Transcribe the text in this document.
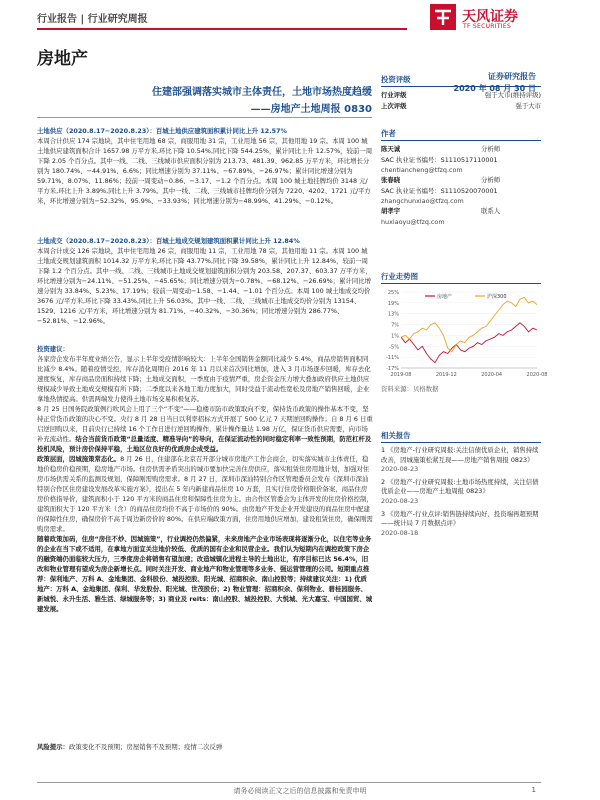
行业报告 | 行业研究周报	天风证券
TF SECURITIES
房地产
证券研究报告
2020 年 08 月 30 日
住建部强调落实城市主体责任，土地市场热度趋缓
——房地产土地周报 0830

土地供应（2020.8.17−2020.8.23）：百城土地供应建筑面积累计同比上升 12.57%

本周合计供应 174 宗地块，其中住宅用地 68 宗，商服用地 31 宗，工业用地 56 宗，其他用地 19 宗。本周 100 城土地供应建筑面积合计 1657.98 万平方米,环比下降 10.54%,同比下降 544.25%，累计同比上升 12.57%，较前一周下降 2.05 个百分点。其中一线、二线、三线城市供应面积分别为 213.73、481.39、962.85 万平方米，环比增长分别为 180.74%、−44.91%、6.6%；同比增速分别为 37.11%、−67.89%、−26.97%；累计同比增速分别为 59.71%、8.07%、11.86%；较前一周变动−0.86、−3.17、−1.2 个百分点。本周 100 城土地挂牌均价 3148 元/平方米,环比上升 3.89%,同比上升 3.79%。其中一线、二线、三线城市挂牌均价分别为 7220、4202、1721 元/平方米，环比增速分别为−52.32%、95.9%、−33.93%；同比增速分别为−48.99%、41.29%、−0.12%。

土地成交（2020.8.17−2020.8.23）：百城土地成交规划建筑面积累计同比上升 12.84%

本周合计成交 126 宗地块，其中住宅用地 26 宗，商服用地 11 宗，工业用地 78 宗，其他用地 11 宗。本周 100 城土地成交规划建筑面积 1014.32 万平方米,环比下降 43.77%,同比下降 39.58%，累计同比上升 12.84%，较前一周下降 1.2 个百分点。其中一线、二线、三线城市土地成交规划建筑面积分别为 203.58、207.37、603.37 万平方米，环比增速分别为−24.11%、−51.25%、−45.65%；同比增速分别为−0.78%、−68.12%、−26.69%；累计同比增速分别为 33.84%、5.23%、17.19%；较前一周变动−1.58、−1.44、−1.01 个百分点。本周 100 城土地成交均价 3676 元/平方米,环比下降 33.43%,同比上升 56.03%。其中一线、二线、三线城市土地成交均价分别为 13154、1529、1216 元/平方米，环比增速分别为 81.71%、−40.32%、−30.36%；同比增速分别为 286.77%、−52.81%、−12.96%。

投资建议：

各家房企发布半年度业绩公告，显示上半年受疫情影响较大：上半年全国销售金额同比减少 5.4%，商品房销售面积同比减少 8.4%。随着疫情受控，库存消化周期自 2016 年 11 月以来首次同比增加，进入 3 月市场逐步回暖，库存去化速度恢复，库存商品房面积持续下降；土地成交面积，一季度由于疫情严重，房企资金压力增大叠加政府供应土地供应规模减少导致土地成交规模有所下降；二季度以来各地工地力度加大，同时受益于流动性宽松及房地产销售回暖，企业拿地热情提高。供需两端发力使得土地市场交易积极复苏。

8 月 25 日国务院政策例行吹风会上用了三个“不变”——稳楼市防市政策取向不变，保持货币政策的操作基本不变，坚持正常货币政策的决心不变。央行 8 月 28 日当日以利率招标方式开展了 500 亿元 7 天期逆回购操作；自 8 月 6 日重启逆回购以来，目前央行已持续 16 个工作日进行逆回购操作，累计操作量达 1.98 万亿，保证货币供应需要，向市场补充流动性。结合当前货币政策“总量适度、精准导向”的导向，在保证流动性的同时稳定利率一致性预期，防范杠杆及投机风险，预计房价保持平稳，土地区位良好的优质房企成受益。

政策层面，因城施策常态化。8 月 26 日，住建部在北京召开部分城市房地产工作会商会，切实落实城市主体责任，稳地价稳房价稳预期，稳房地产市场。住房供需矛盾突出的城市要加快完善住房供应，落实租赁住房用地计划，加强对住房市场供需关系的监测及规划，保障刚需购房需求。8 月 27 日，深圳市深汕特别合作区管理委员会发布《深圳市深汕特别合作区住房建设发展改革实施方案》，提出在 5 年内新建商品住房 10 万套，且实行住房价格限价备案，商品住房房价格指导价，建筑面积小于 120 平方米的商品住房和保障性住房为主。由合作区管委会为主体开发的住房价格控制，建筑面积大于 120 平方米（含）的商品住房均价不高于市场价的 90%。由房地产开发企业开发建设的商品住房中配建的保障性住房，确保房价不高于周边新房价的 80%。在供应端政策方面，住房用地供应增加，建设租赁住房，确保刚需购房需求。

随着政策加码，住房“房住不炒、因城施策”，行业调控仍然偏紧，未来房地产企业市场表现将逐渐分化，以住宅等业务的企业在当下或不适用，在拿地方面宜关注地价较低、优质的国有企业和民营企业。我们认为短期内在调控政策下房企的融资端仍面临较大压力，三季度房企将销售有望加速；改造城镇化进程主导的土地出让，有序目标已达 56.4%，旧改和物业管理有望成为房企新增长点。同时关注开发、商业地产和物业管理等多业务、强运营管理的公司。短期重点推荐：保利地产、万科 A、金地集团、金科股份、城投控股、阳光城、招商积余、南山控股等；持续建议关注：1) 优质地产：万科 A、金地集团、保利、华发股份、阳光城、世茂股份；2) 物业管理：招商积余、保利物业、碧桂园服务、新城悦、永升生活、雅生活、绿城服务等；3) 商业及 reits：南山控股、城投控股、大悦城、光大嘉宝、中国国贸、城建发展。

风险提示：政策变化不及预期；房屋销售不及预期；疫情二次反弹

投资评级
行业评级	强于大市(维持评级)
上次评级	强于大市
作者
陈天诚	分析师
SAC 执业证书编号：S1110517110001
chentiancheng@tfzq.com
张春晓	分析师
SAC 执业证书编号：S1110520070001
zhangchunxiao@tfzq.com
胡孝宇	联系人
huxiaoyu@tfzq.com
行业走势图
25%
19%
13%
7%
1%
-5%
-11%
-17%
2019-08	2019-12	2020-04	2020-08
房地产	沪深300
资料来源：贝格数据
相关报告
1 《房地产-行业研究周报:关注信债优质企业，销售持续改善，因城施策松紧互现——房地产销售周报 0823》
2020-08-23
2 《房地产-行业研究周报:土地市场热度持续，关注信债优质企业——房地产土地周报 0823》
2020-08-23
3 《房地产-行业点评:销售链持续向好、投资端再超预期——统计局 7 月数据点评》
2020-08-18
请务必阅读正文之后的信息披露和免责申明	1
